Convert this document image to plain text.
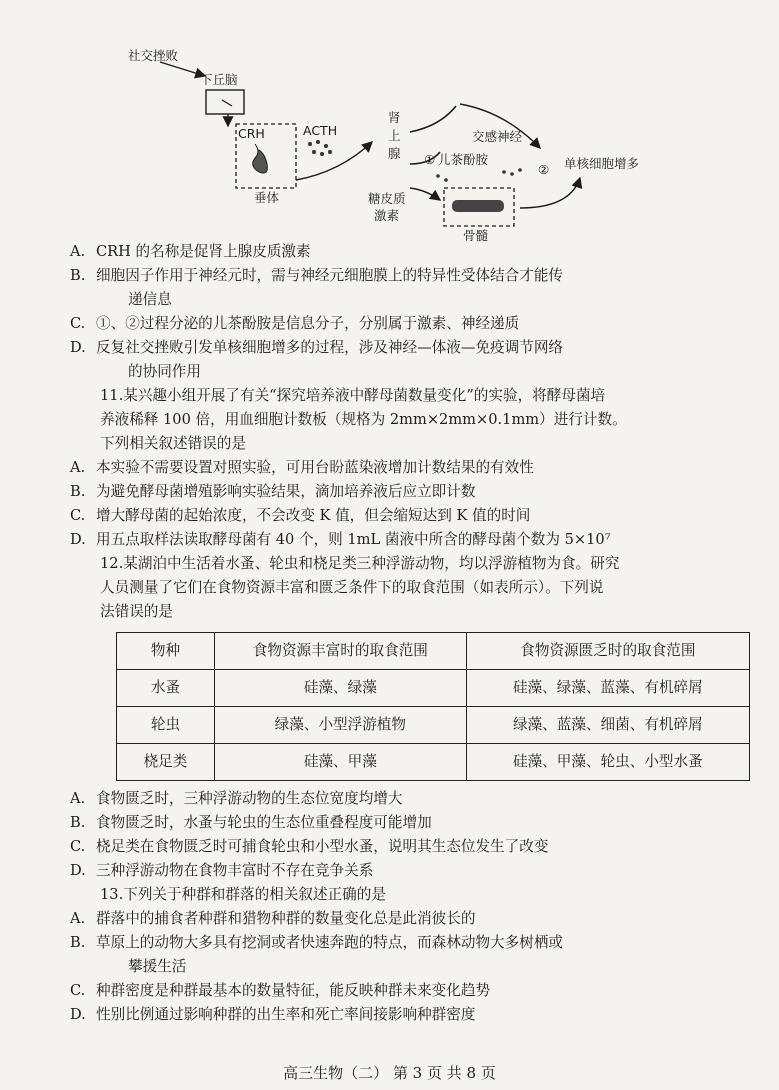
社交挫败
下丘脑
CRH
垂体
ACTH
肾
上
腺
交感神经
① 儿茶酚胺
② 单核细胞增多
糖皮质
激素
骨髓
A. CRH 的名称是促肾上腺皮质激素
B. 细胞因子作用于神经元时，需与神经元细胞膜上的特异性受体结合才能传
递信息
C. ①、②过程分泌的儿茶酚胺是信息分子，分别属于激素、神经递质
D. 反复社交挫败引发单核细胞增多的过程，涉及神经—体液—免疫调节网络
的协同作用
11.某兴趣小组开展了有关“探究培养液中酵母菌数量变化”的实验，将酵母菌培
养液稀释 100 倍，用血细胞计数板（规格为 2mm×2mm×0.1mm）进行计数。
下列相关叙述错误的是
A. 本实验不需要设置对照实验，可用台盼蓝染液增加计数结果的有效性
B. 为避免酵母菌增殖影响实验结果，滴加培养液后应立即计数
C. 增大酵母菌的起始浓度，不会改变 K 值，但会缩短达到 K 值的时间
D. 用五点取样法读取酵母菌有 40 个，则 1mL 菌液中所含的酵母菌个数为 5×10⁷
12.某湖泊中生活着水蚤、轮虫和桡足类三种浮游动物，均以浮游植物为食。研究
人员测量了它们在食物资源丰富和匮乏条件下的取食范围（如表所示）。下列说
法错误的是
物种	食物资源丰富时的取食范围	食物资源匮乏时的取食范围
水蚤	硅藻、绿藻	硅藻、绿藻、蓝藻、有机碎屑
轮虫	绿藻、小型浮游植物	绿藻、蓝藻、细菌、有机碎屑
桡足类	硅藻、甲藻	硅藻、甲藻、轮虫、小型水蚤
A. 食物匮乏时，三种浮游动物的生态位宽度均增大
B. 食物匮乏时，水蚤与轮虫的生态位重叠程度可能增加
C. 桡足类在食物匮乏时可捕食轮虫和小型水蚤，说明其生态位发生了改变
D. 三种浮游动物在食物丰富时不存在竞争关系
13.下列关于种群和群落的相关叙述正确的是
A. 群落中的捕食者种群和猎物种群的数量变化总是此消彼长的
B. 草原上的动物大多具有挖洞或者快速奔跑的特点，而森林动物大多树栖或
攀援生活
C. 种群密度是种群最基本的数量特征，能反映种群未来变化趋势
D. 性别比例通过影响种群的出生率和死亡率间接影响种群密度
高三生物（二） 第 3 页 共 8 页
